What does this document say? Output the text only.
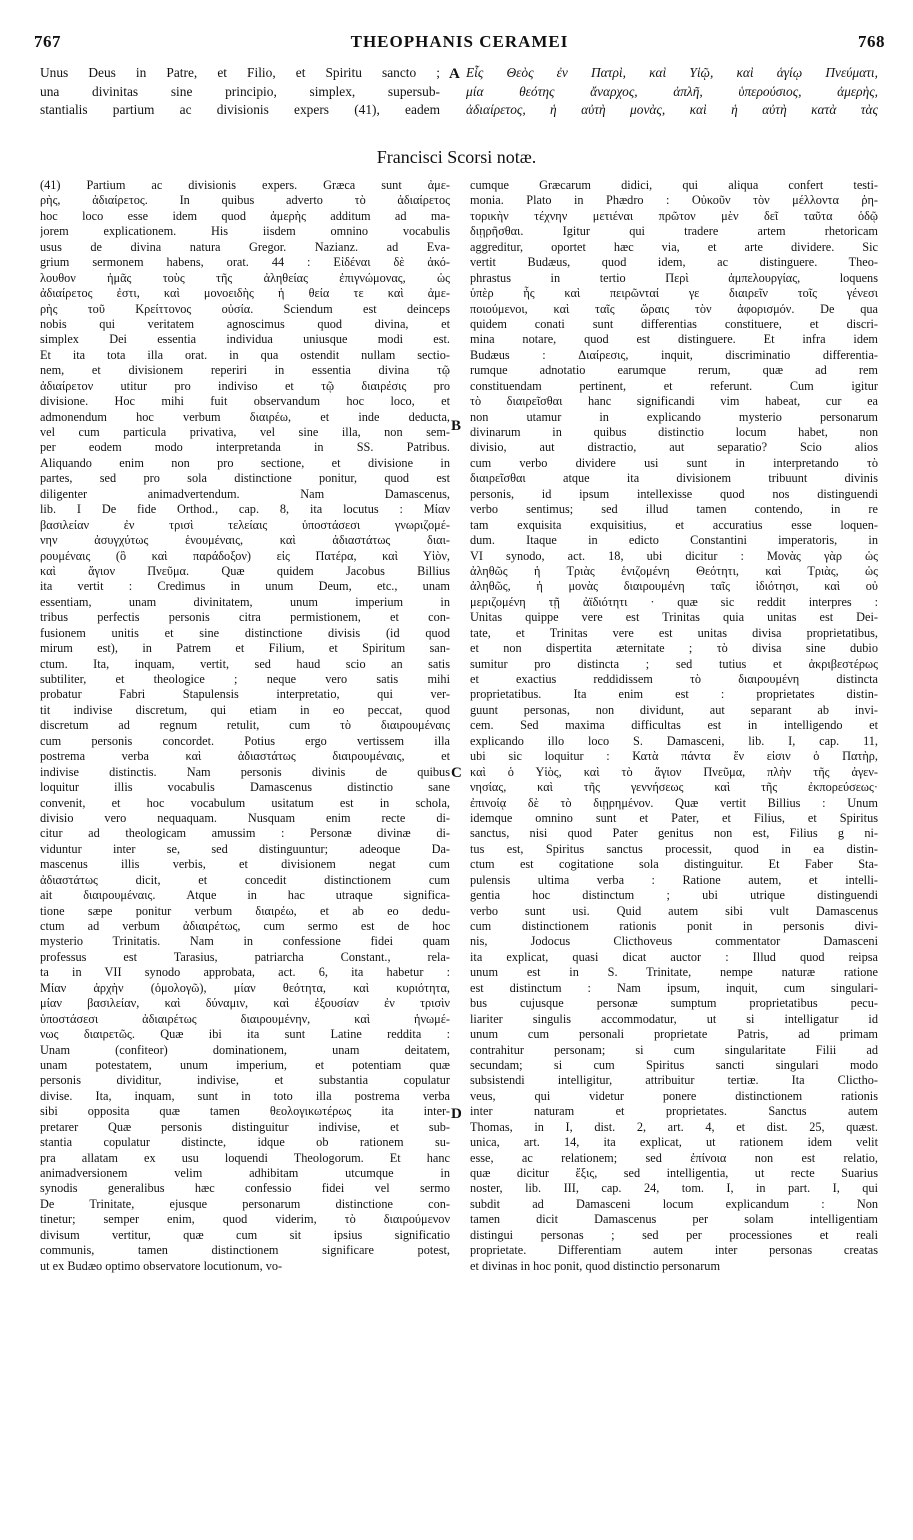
767	THEOPHANIS CERAMEI	768
Unus Deus in Patre, et Filio, et Spiritu sancto ;
una divinitas sine principio, simplex, supersub-
stantialis partium ac divisionis expers (41), eadem
Εἷς Θεὸς ἐν Πατρὶ, καὶ Υἱῷ, καὶ ἁγίῳ Πνεύματι,
μία θεότης ἄναρχος, ἁπλῆ, ὑπερούσιος, ἀμερὴς,
ἀδιαίρετος, ἡ αὐτὴ μονὰς, καὶ ἡ αὐτὴ κατὰ τὰς
A
B
C
D
Francisci Scorsi notæ.
(41) Partium ac divisionis expers. Græca sunt ἀμε-
ρὴς, ἀδιαίρετος. In quibus adverto τὸ ἀδιαίρετος
hoc loco esse idem quod ἀμερὴς additum ad ma-
jorem explicationem. His iisdem omnino vocabulis
usus de divina natura Gregor. Nazianz. ad Eva-
grium sermonem habens, orat. 44 : Εἰδέναι δὲ ἀκό-
λουθον ἡμᾶς τοὺς τῆς ἀληθείας ἐπιγνώμονας, ὡς
ἀδιαίρετος ἐστι, καὶ μονοειδὴς ἡ θεία τε καὶ ἀμε-
ρὴς τοῦ Κρείττονος οὐσία. Sciendum est deinceps
nobis qui veritatem agnoscimus quod divina, et
simplex Dei essentia individua uniusque modi est.
Et ita tota illa orat. in qua ostendit nullam sectio-
nem, et divisionem reperiri in essentia divina τῷ
ἀδιαίρετον utitur pro indiviso et τῷ διαιρέσις pro
divisione. Hoc mihi fuit observandum hoc loco, et
admonendum hoc verbum διαιρέω, et inde deducta,
vel cum particula privativa, vel sine illa, non sem-
per eodem modo interpretanda in SS. Patribus.
Aliquando enim non pro sectione, et divisione in
partes, sed pro sola distinctione ponitur, quod est
diligenter animadvertendum. Nam Damascenus,
lib. I De fide Orthod., cap. 8, ita locutus : Μίαν
βασιλείαν ἐν τρισὶ τελείαις ὑποστάσεσι γνωριζομέ-
νην ἀσυγχύτως ἑνουμέναις, καὶ ἀδιαστάτως διαι-
ρουμέναις (ὃ καὶ παράδοξον) εἰς Πατέρα, καὶ Υἱὸν,
καὶ ἅγιον Πνεῦμα. Quæ quidem Jacobus Billius
ita vertit : Credimus in unum Deum, etc., unam
essentiam, unam divinitatem, unum imperium in
tribus perfectis personis citra permistionem, et con-
fusionem unitis et sine distinctione divisis (id quod
mirum est), in Patrem et Filium, et Spiritum san-
ctum. Ita, inquam, vertit, sed haud scio an satis
subtiliter, et theologice ; neque vero satis mihi
probatur Fabri Stapulensis interpretatio, qui ver-
tit indivise discretum, qui etiam in eo peccat, quod
discretum ad regnum retulit, cum τὸ διαιρουμέναις
cum personis concordet. Potius ergo vertissem illa
postrema verba καὶ ἀδιαστάτως διαιρουμέναις, et
indivise distinctis. Nam personis divinis de quibus
loquitur illis vocabulis Damascenus distinctio sane
convenit, et hoc vocabulum usitatum est in schola,
divisio vero nequaquam. Nusquam enim recte di-
citur ad theologicam amussim : Personæ divinæ di-
viduntur inter se, sed distinguuntur; adeoque Da-
mascenus illis verbis, et divisionem negat cum
ἀδιαστάτως dicit, et concedit distinctionem cum
ait διαιρουμέναις. Atque in hac utraque significa-
tione sæpe ponitur verbum διαιρέω, et ab eo dedu-
ctum ad verbum ἀδιαιρέτως, cum sermo est de hoc
mysterio Trinitatis. Nam in confessione fidei quam
professus est Tarasius, patriarcha Constant., rela-
ta in VII synodo approbata, act. 6, ita habetur :
Μίαν ἀρχὴν (ὁμολογῶ), μίαν θεότητα, καὶ κυριότητα,
μίαν βασιλείαν, καὶ δύναμιν, καὶ ἐξουσίαν ἐν τρισὶν
ὑποστάσεσι ἀδιαιρέτως διαιρουμένην, καὶ ἡνωμέ-
νως διαιρετῶς. Quæ ibi ita sunt Latine reddita :
Unam (confiteor) dominationem, unam deitatem,
unam potestatem, unum imperium, et potentiam quæ
personis dividitur, indivise, et substantia copulatur
divise. Ita, inquam, sunt in toto illa postrema verba
sibi opposita quæ tamen θεολογικωτέρως ita inter-
pretarer Quæ personis distinguitur indivise, et sub-
stantia copulatur distincte, idque ob rationem su-
pra allatam ex usu loquendi Theologorum. Et hanc
animadversionem velim adhibitam utcumque in
synodis generalibus hæc confessio fidei vel sermo
De Trinitate, ejusque personarum distinctione con-
tinetur; semper enim, quod viderim, τὸ διαιρούμενον
divisum vertitur, quæ cum sit ipsius significatio
communis, tamen distinctionem significare potest,
ut ex Budæo optimo observatore locutionum, vo-
cumque Græcarum didici, qui aliqua confert testi-
monia. Plato in Phædro : Οὐκοῦν τὸν μέλλοντα ῥη-
τορικὴν τέχνην μετιέναι πρῶτον μὲν δεῖ ταῦτα ὁδῷ
διῃρῆσθαι. Igitur qui tradere artem rhetoricam
aggreditur, oportet hæc via, et arte dividere. Sic
vertit Budæus, quod idem, ac distinguere. Theo-
phrastus in tertio Περὶ ἀμπελουργίας, loquens
ὑπὲρ ἧς καὶ πειρῶνταί γε διαιρεῖν τοῖς γένεσι
ποιούμενοι, καὶ ταῖς ὥραις τὸν ἀφορισμόν. De qua
quidem conati sunt differentias constituere, et discri-
mina notare, quod est distinguere. Et infra idem
Budæus : Διαίρεσις, inquit, discriminatio differentia-
rumque adnotatio earumque rerum, quæ ad rem
constituendam pertinent, et referunt. Cum igitur
τὸ διαιρεῖσθαι hanc significandi vim habeat, cur ea
non utamur in explicando mysterio personarum
divinarum in quibus distinctio locum habet, non
divisio, aut distractio, aut separatio? Scio alios
cum verbo dividere usi sunt in interpretando τὸ
διαιρεῖσθαι atque ita divisionem tribuunt divinis
personis, id ipsum intellexisse quod nos distinguendi
verbo sentimus; sed illud tamen contendo, in re
tam exquisita exquisitius, et accuratius esse loquen-
dum. Itaque in edicto Constantini imperatoris, in
VI synodo, act. 18, ubi dicitur : Μονὰς γὰρ ὡς
ἀληθῶς ἡ Τριὰς ἑνιζομένη Θεότητι, καὶ Τριὰς, ὡς
ἀληθῶς, ἡ μονὰς διαιρουμένη ταῖς ἰδιότησι, καὶ οὐ
μεριζομένη τῇ ἀϊδιότητι · quæ sic reddit interpres :
Unitas quippe vere est Trinitas quia unitas est Dei-
tate, et Trinitas vere est unitas divisa proprietatibus,
et non dispertita æternitate ; τὸ divisa sine dubio
sumitur pro distincta ; sed tutius et ἀκριβεστέρως
et exactius reddidissem τὸ διαιρουμένη distincta
proprietatibus. Ita enim est : proprietates distin-
guunt personas, non dividunt, aut separant ab invi-
cem. Sed maxima difficultas est in intelligendo et
explicando illo loco S. Damasceni, lib. I, cap. 11,
ubi sic loquitur : Κατὰ πάντα ἕν εἰσιν ὁ Πατὴρ,
καὶ ὁ Υἱὸς, καὶ τὸ ἅγιον Πνεῦμα, πλὴν τῆς ἀγεν-
νησίας, καὶ τῆς γεννήσεως καὶ τῆς ἐκπορεύσεως·
ἐπινοίᾳ δὲ τὸ διῃρημένον. Quæ vertit Billius : Unum
idemque omnino sunt et Pater, et Filius, et Spiritus
sanctus, nisi quod Pater genitus non est, Filius g ni-
tus est, Spiritus sanctus processit, quod in ea distin-
ctum est cogitatione sola distinguitur. Et Faber Sta-
pulensis ultima verba : Ratione autem, et intelli-
gentia hoc distinctum ; ubi utrique distinguendi
verbo sunt usi. Quid autem sibi vult Damascenus
cum distinctionem rationis ponit in personis divi-
nis, Jodocus Clicthoveus commentator Damasceni
ita explicat, quasi dicat auctor : Illud quod reipsa
unum est in S. Trinitate, nempe naturæ ratione
est distinctum : Nam ipsum, inquit, cum singulari-
bus cujusque personæ sumptum proprietatibus pecu-
liariter singulis accommodatur, ut si intelligatur id
unum cum personali proprietate Patris, ad primam
contrahitur personam; si cum singularitate Filii ad
secundam; si cum Spiritus sancti singulari modo
subsistendi intelligitur, attribuitur tertiæ. Ita Clictho-
veus, qui videtur ponere distinctionem rationis
inter naturam et proprietates. Sanctus autem
Thomas, in I, dist. 2, art. 4, et dist. 25, quæst.
unica, art. 14, ita explicat, ut rationem idem velit
esse, ac relationem; sed ἐπίνοια non est relatio,
quæ dicitur ἕξις, sed intelligentia, ut recte Suarius
noster, lib. III, cap. 24, tom. I, in part. I, qui
subdit ad Damasceni locum explicandum : Non
tamen dicit Damascenus per solam intelligentiam
distingui personas ; sed per processiones et reali
proprietate. Differentiam autem inter personas creatas
et divinas in hoc ponit, quod distinctio personarum
